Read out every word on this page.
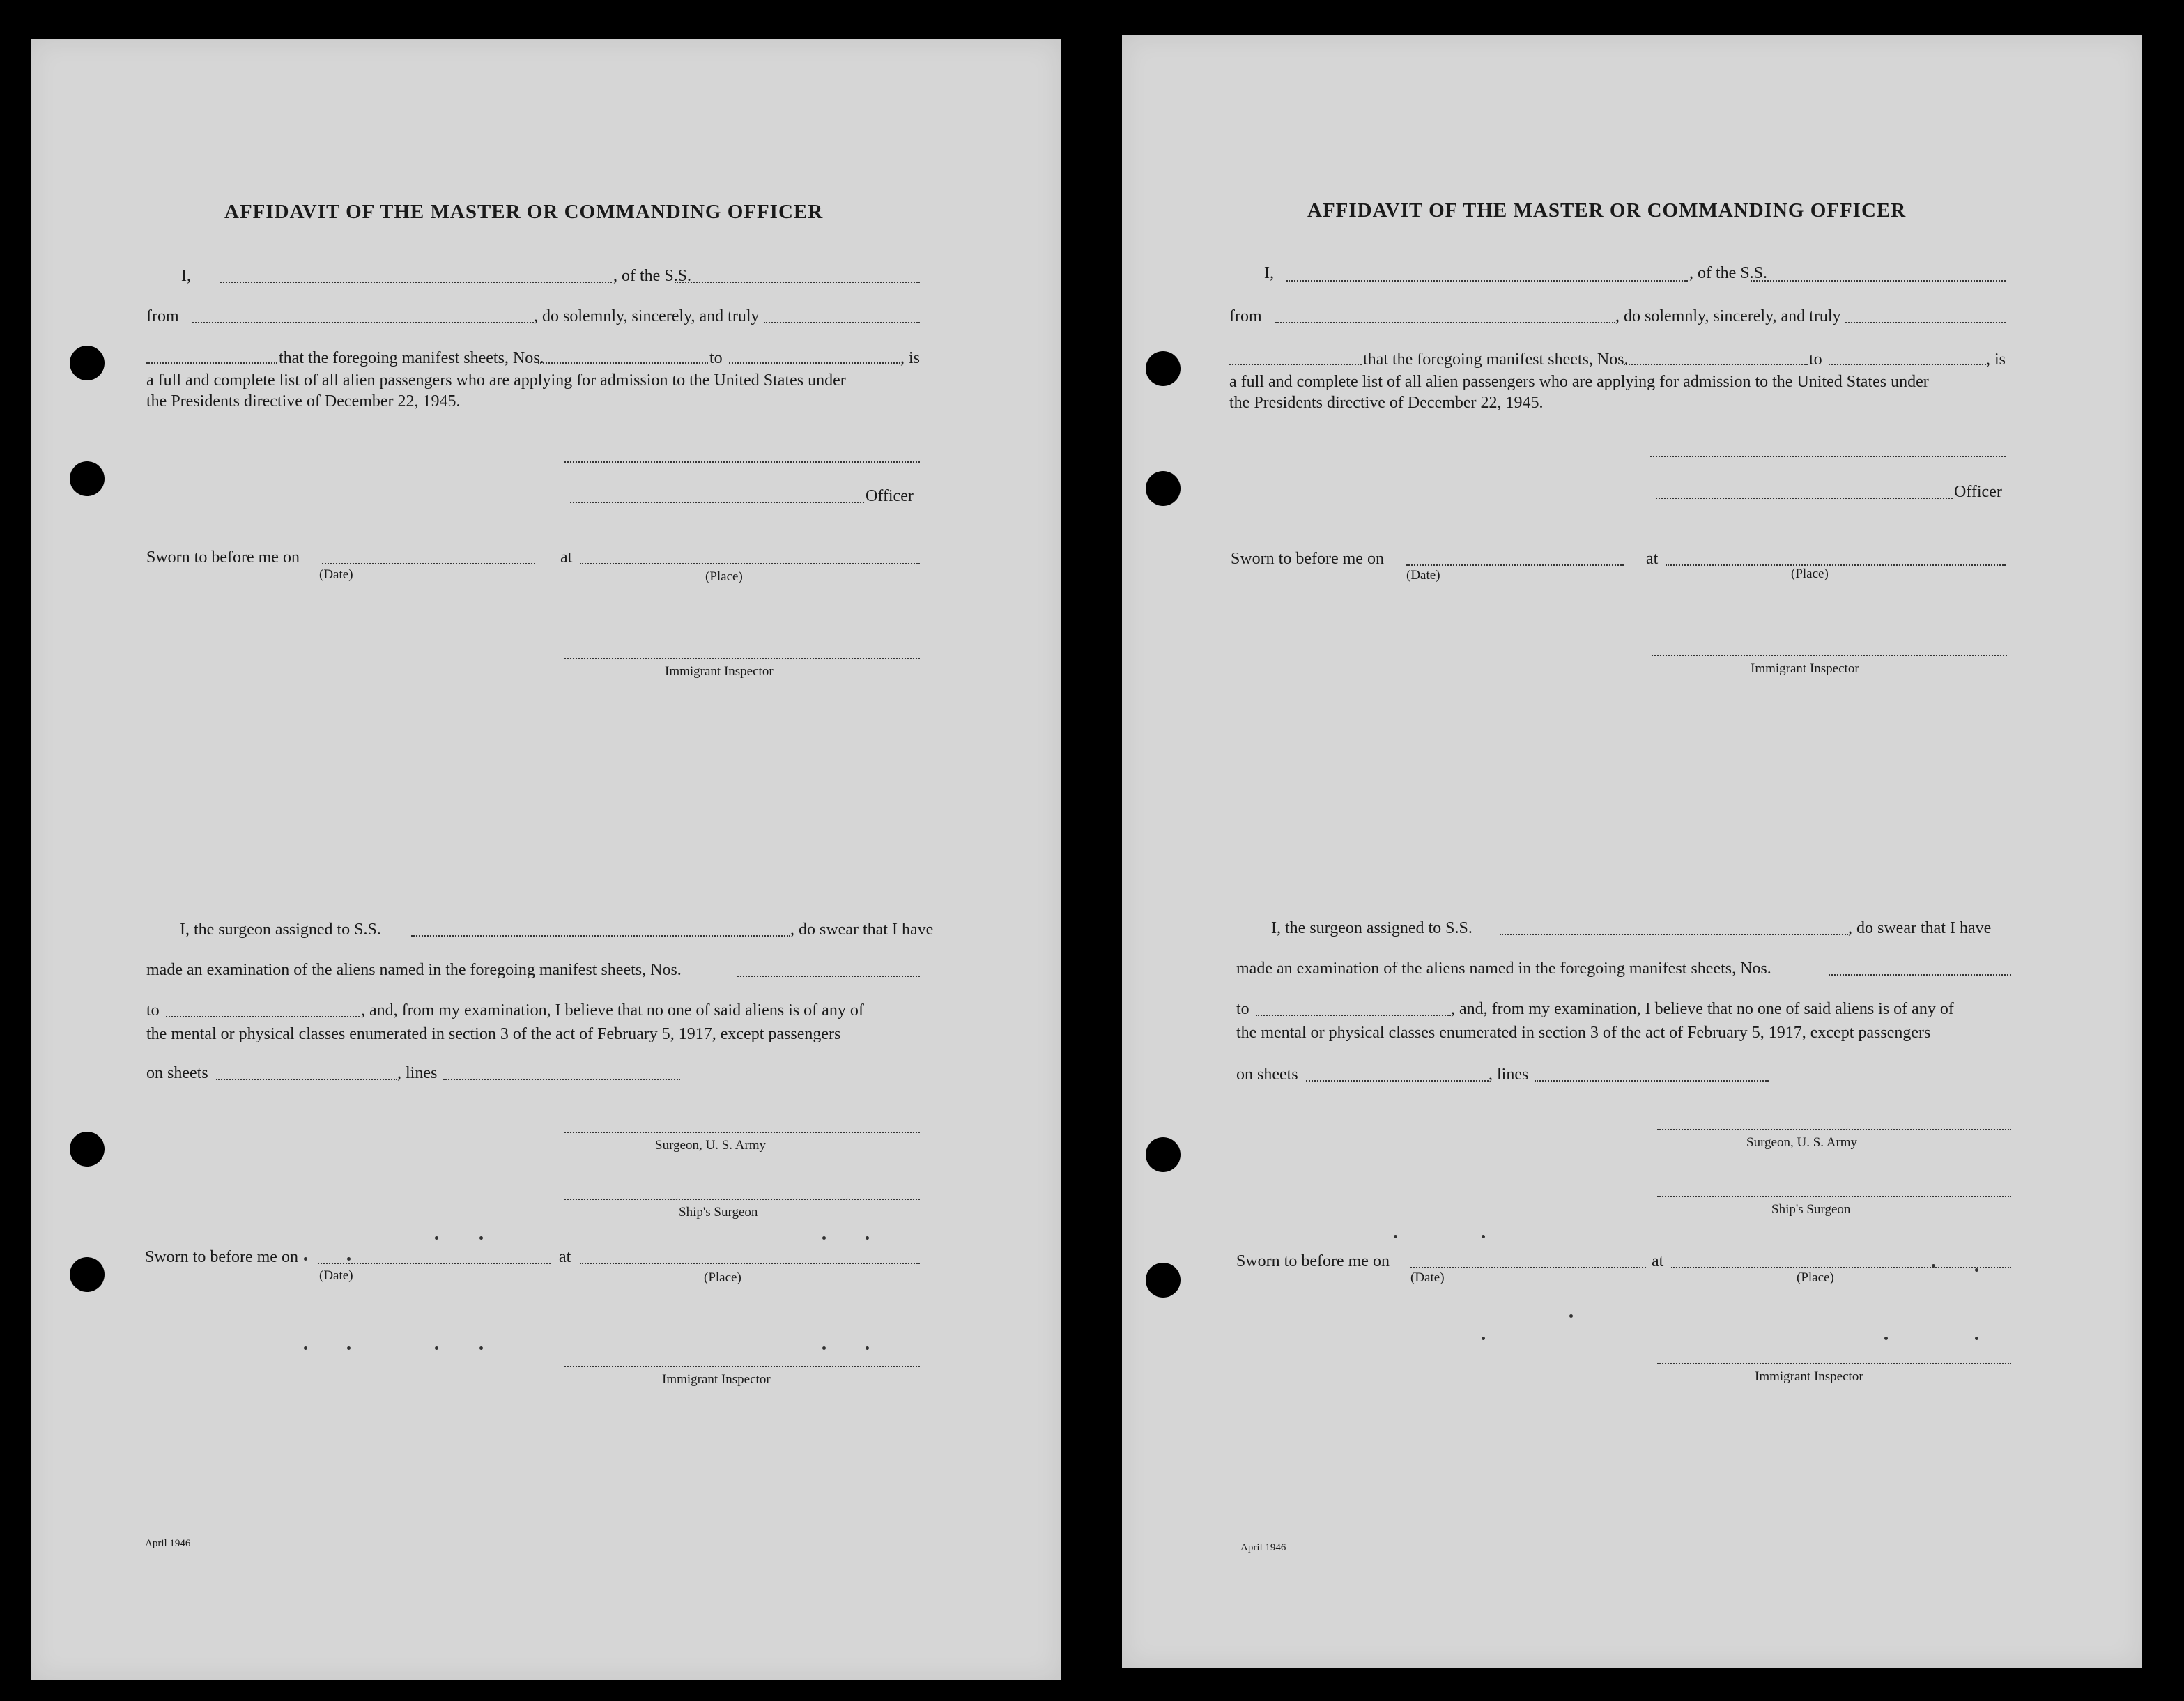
AFFIDAVIT OF THE MASTER OR COMMANDING OFFICER
I,	, of the S.S.
from	, do solemnly, sincerely, and truly
that the foregoing manifest sheets, Nos.	to	, is
a full and complete list of all alien passengers who are applying for admission to the United States under
the Presidents directive of December 22, 1945.
Officer
Sworn to before me on
(Date)
at
(Place)
Immigrant Inspector
I, the surgeon assigned to S.S.	, do swear that I have
made an examination of the aliens named in the foregoing manifest sheets, Nos.
to	, and, from my examination, I believe that no one of said aliens is of any of
the mental or physical classes enumerated in section 3 of the act of February 5, 1917, except passengers
on sheets	, lines
Surgeon, U. S. Army
Ship's Surgeon
Sworn to before me on
(Date)
at
(Place)
Immigrant Inspector
April 1946
AFFIDAVIT OF THE MASTER OR COMMANDING OFFICER
I,	, of the S.S.
from	, do solemnly, sincerely, and truly
that the foregoing manifest sheets, Nos.	to	, is
a full and complete list of all alien passengers who are applying for admission to the United States under
the Presidents directive of December 22, 1945.
Officer
Sworn to before me on
(Date)
at
(Place)
Immigrant Inspector
I, the surgeon assigned to S.S.	, do swear that I have
made an examination of the aliens named in the foregoing manifest sheets, Nos.
to	, and, from my examination, I believe that no one of said aliens is of any of
the mental or physical classes enumerated in section 3 of the act of February 5, 1917, except passengers
on sheets	, lines
Surgeon, U. S. Army
Ship's Surgeon
Sworn to before me on
(Date)
at
(Place)
Immigrant Inspector
April 1946
